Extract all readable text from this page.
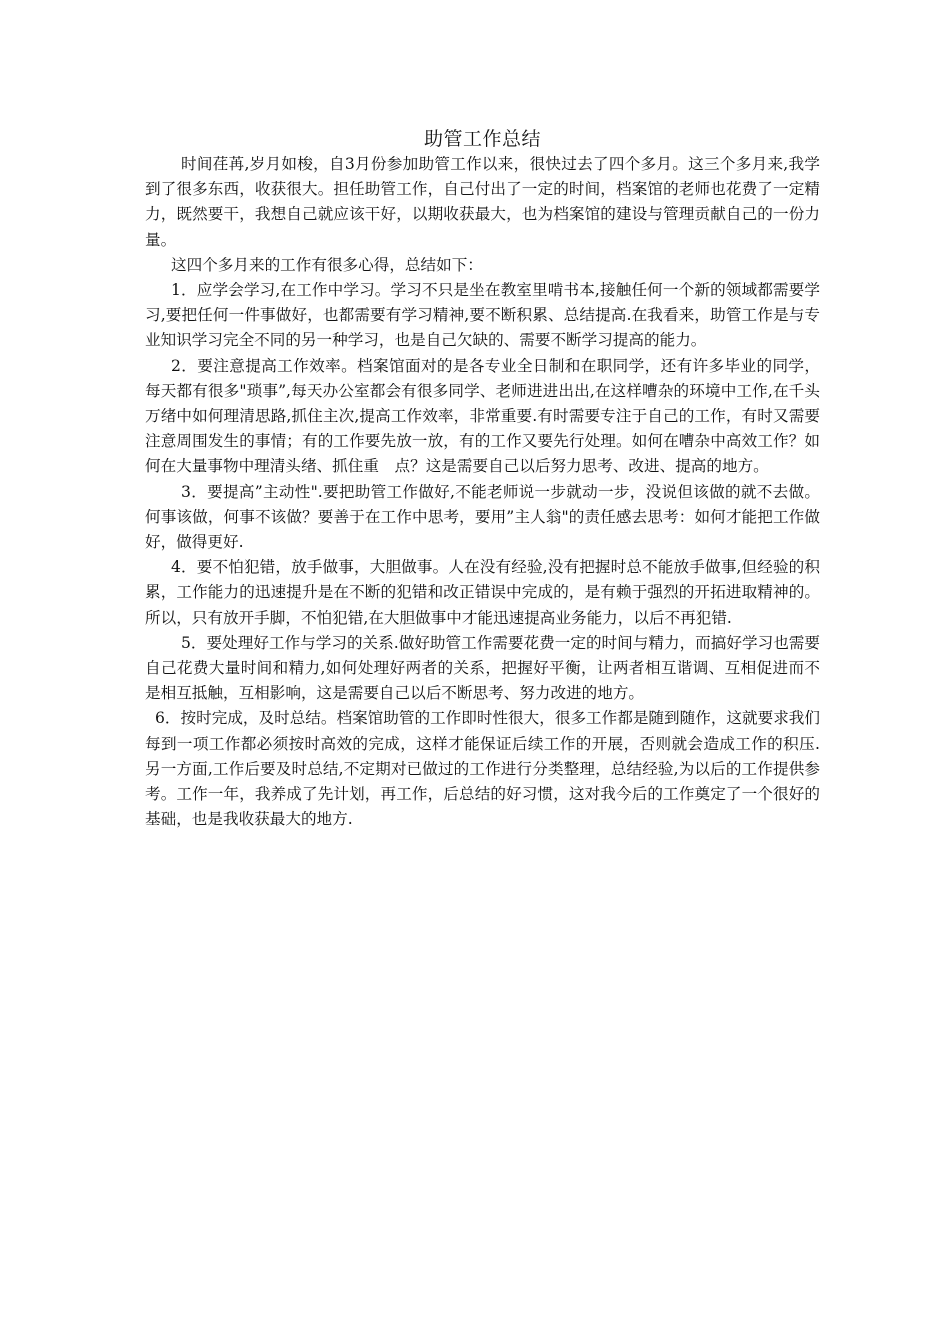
助管工作总结

时间荏苒,岁月如梭，自3月份参加助管工作以来，很快过去了四个多月。这三个多月来,我学到了很多东西，收获很大。担任助管工作，自己付出了一定的时间，档案馆的老师也花费了一定精力，既然要干，我想自己就应该干好，以期收获最大，也为档案馆的建设与管理贡献自己的一份力量。

这四个多月来的工作有很多心得，总结如下：

1．应学会学习,在工作中学习。学习不只是坐在教室里啃书本,接触任何一个新的领域都需要学习,要把任何一件事做好，也都需要有学习精神,要不断积累、总结提高.在我看来，助管工作是与专业知识学习完全不同的另一种学习，也是自己欠缺的、需要不断学习提高的能力。

2．要注意提高工作效率。档案馆面对的是各专业全日制和在职同学，还有许多毕业的同学，每天都有很多"琐事”,每天办公室都会有很多同学、老师进进出出,在这样嘈杂的环境中工作,在千头万绪中如何理清思路,抓住主次,提高工作效率，非常重要.有时需要专注于自己的工作，有时又需要注意周围发生的事情；有的工作要先放一放，有的工作又要先行处理。如何在嘈杂中高效工作？如何在大量事物中理清头绪、抓住重　点？这是需要自己以后努力思考、改进、提高的地方。

3．要提高”主动性".要把助管工作做好,不能老师说一步就动一步，没说但该做的就不去做。何事该做，何事不该做？要善于在工作中思考，要用”主人翁"的责任感去思考：如何才能把工作做好，做得更好.

4．要不怕犯错，放手做事，大胆做事。人在没有经验,没有把握时总不能放手做事,但经验的积累，工作能力的迅速提升是在不断的犯错和改正错误中完成的，是有赖于强烈的开拓进取精神的。所以，只有放开手脚，不怕犯错,在大胆做事中才能迅速提高业务能力，以后不再犯错.

5．要处理好工作与学习的关系.做好助管工作需要花费一定的时间与精力，而搞好学习也需要自己花费大量时间和精力,如何处理好两者的关系，把握好平衡，让两者相互谐调、互相促进而不是相互抵触，互相影响，这是需要自己以后不断思考、努力改进的地方。

6．按时完成，及时总结。档案馆助管的工作即时性很大，很多工作都是随到随作，这就要求我们每到一项工作都必须按时高效的完成，这样才能保证后续工作的开展，否则就会造成工作的积压.另一方面,工作后要及时总结,不定期对已做过的工作进行分类整理，总结经验,为以后的工作提供参考。工作一年，我养成了先计划，再工作，后总结的好习惯，这对我今后的工作奠定了一个很好的基础，也是我收获最大的地方.
